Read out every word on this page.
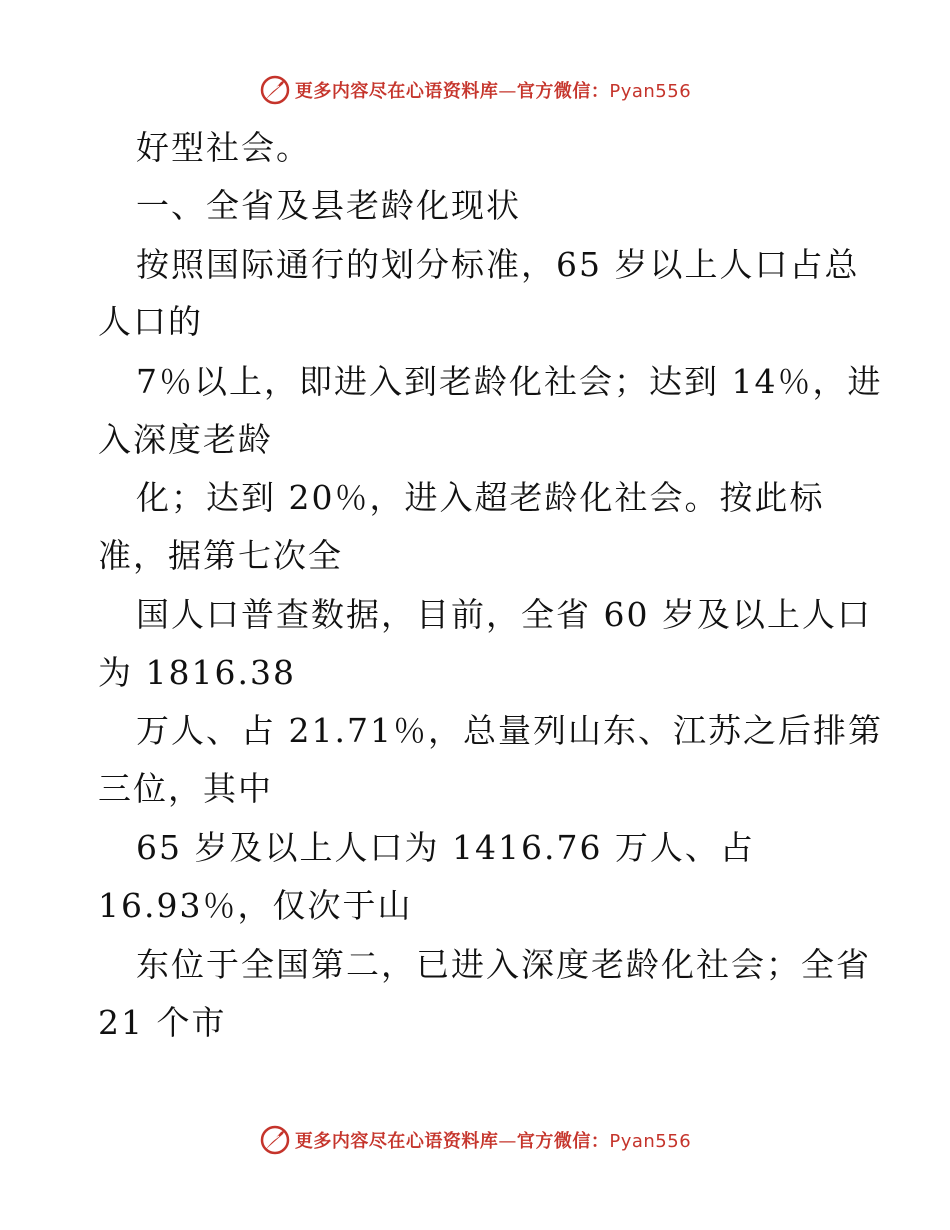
更多内容尽在心语资料库—官方微信：Pyan556
好型社会。
一、全省及县老龄化现状
按照国际通行的划分标准，65 岁以上人口占总
人口的
7％以上，即进入到老龄化社会；达到 14％，进
入深度老龄
化；达到 20％，进入超老龄化社会。按此标
准，据第七次全
国人口普查数据，目前，全省 60 岁及以上人口
为 1816.38
万人、占 21.71％，总量列山东、江苏之后排第
三位，其中
65 岁及以上人口为 1416.76 万人、占
16.93％，仅次于山
东位于全国第二，已进入深度老龄化社会；全省
21 个市
更多内容尽在心语资料库—官方微信：Pyan556
